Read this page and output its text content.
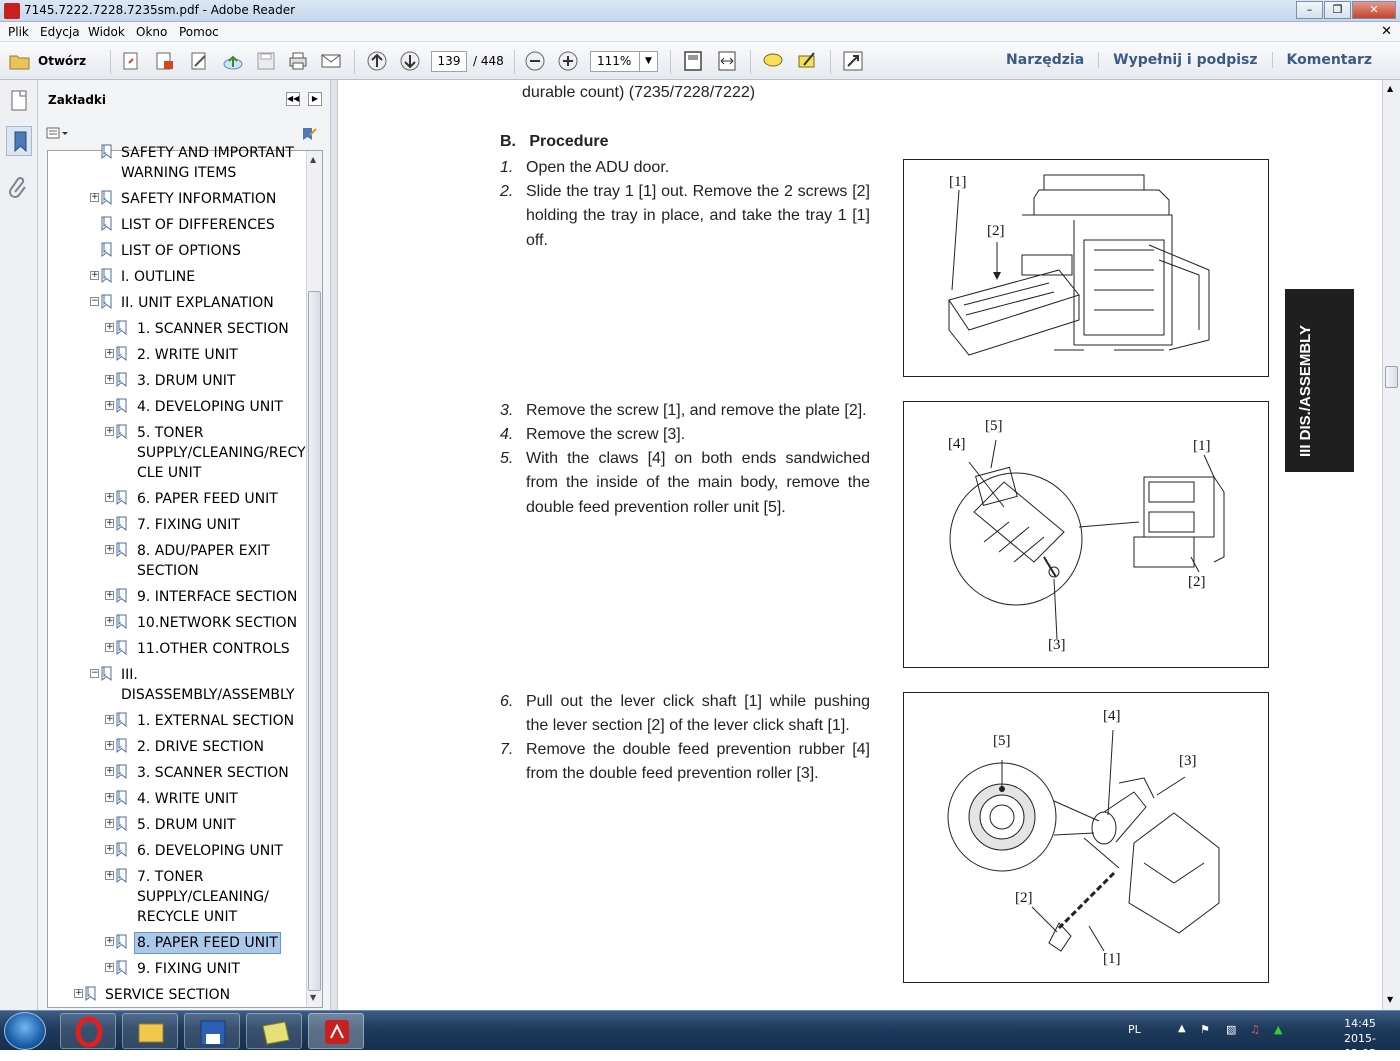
7145.7222.7228.7235sm.pdf - Adobe Reader	–	❐	✕
Plik Edycja Widok Okno Pomoc	✕
Otwórz	139	/ 448	111%	▼	Narzędzia	Wypełnij i podpisz	Komentarz
Zakładki	◀◀	▶
+ SERVICE SECTION
+ 9. FIXING UNIT
+ 8. PAPER FEED UNIT
+ 7. TONER
SUPPLY/CLEANING/
RECYCLE UNIT
+ 6. DEVELOPING UNIT
+ 5. DRUM UNIT
+ 4. WRITE UNIT
+ 3. SCANNER SECTION
+ 2. DRIVE SECTION
+ 1. EXTERNAL SECTION
− III.
DISASSEMBLY/ASSEMBLY
+ 11.OTHER CONTROLS
+ 10.NETWORK SECTION
+ 9. INTERFACE SECTION
+ 8. ADU/PAPER EXIT
SECTION
+ 7. FIXING UNIT
+ 6. PAPER FEED UNIT
+ 5. TONER
SUPPLY/CLEANING/RECY
CLE UNIT
+ 4. DEVELOPING UNIT
+ 3. DRUM UNIT
+ 2. WRITE UNIT
+ 1. SCANNER SECTION
− II. UNIT EXPLANATION
+ I. OUTLINE
LIST OF OPTIONS
LIST OF DIFFERENCES
+ SAFETY INFORMATION
SAFETY AND IMPORTANT
WARNING ITEMS
▲
▼
durable count) (7235/7228/7222)
B.   Procedure
1. Open the ADU door.
2. Slide the tray 1 [1] out. Remove the 2 screws [2] holding the tray in place, and take the tray 1 [1] off.
3. Remove the screw [1], and remove the plate [2].
4. Remove the screw [3].
5. With the claws [4] on both ends sandwiched from the inside of the main body, remove the double feed prevention roller unit [5].
6. Pull out the lever click shaft [1] while pushing the lever section [2] of the lever click shaft [1].
7. Remove the double feed prevention rubber [4] from the double feed prevention roller [3].
[1]
[2]
[5]
[4]	[1]
[2]
[3]
[4]
[5]
[3]
[2]
[1]
III DIS./ASSEMBLY
▲
▼
PL	▲ ⚑ ▧ ♫ ▲	14:45
2015-02-05
